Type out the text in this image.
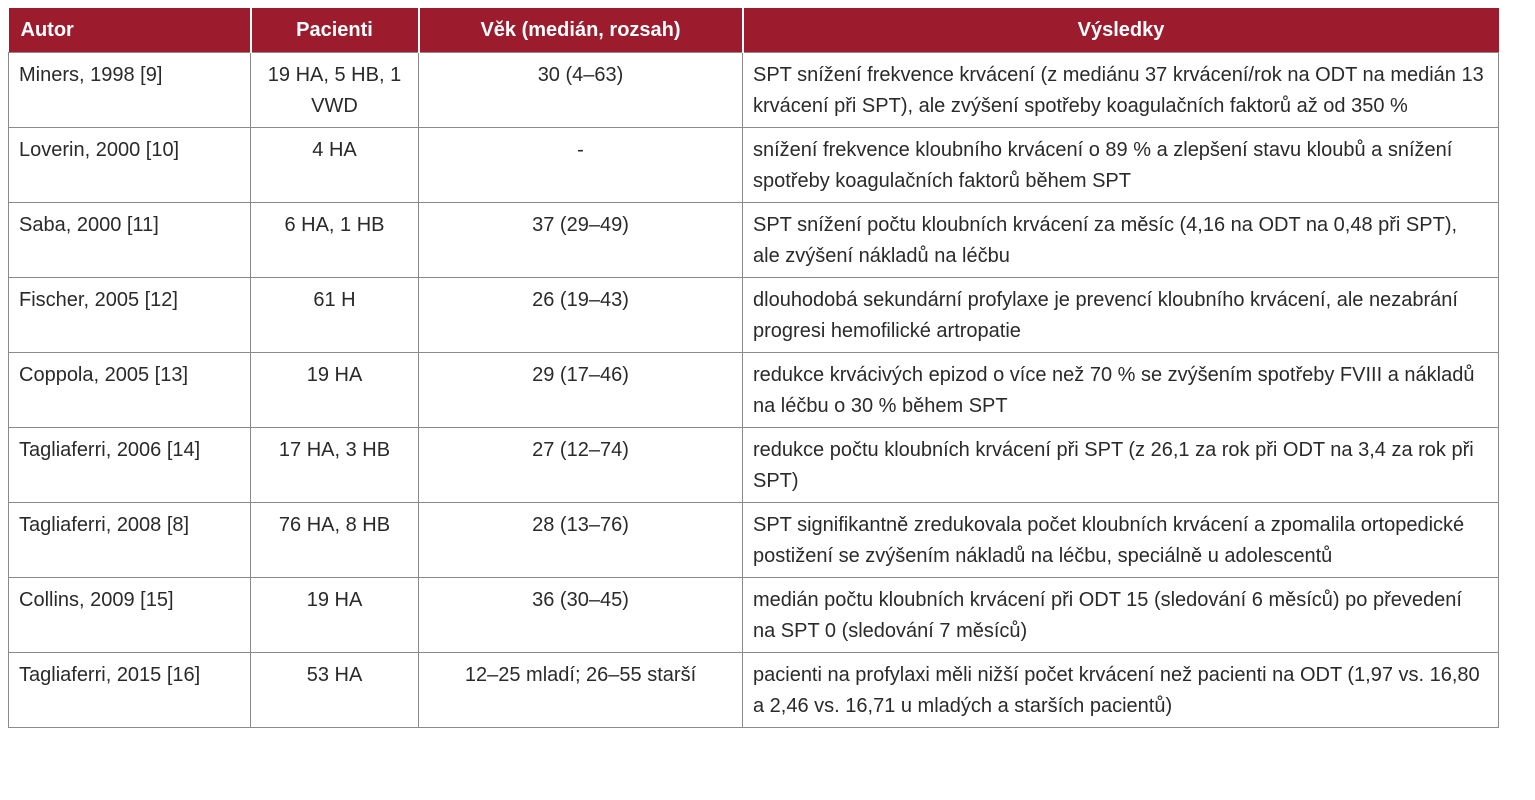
Autor	Pacienti	Věk (medián, rozsah)	Výsledky
Miners, 1998 [9]	19 HA, 5 HB, 1 VWD	30 (4–63)	SPT snížení frekvence krvácení (z mediánu 37 krvácení/rok na ODT na medián 13 krvácení při SPT), ale zvýšení spotřeby koagulačních faktorů až od 350 %
Loverin, 2000 [10]	4 HA	-	snížení frekvence kloubního krvácení o 89 % a zlepšení stavu kloubů a snížení spotřeby koagulačních faktorů během SPT
Saba, 2000 [11]	6 HA, 1 HB	37 (29–49)	SPT snížení počtu kloubních krvácení za měsíc (4,16 na ODT na 0,48 při SPT), ale zvýšení nákladů na léčbu
Fischer, 2005 [12]	61 H	26 (19–43)	dlouhodobá sekundární profylaxe je prevencí kloubního krvácení, ale nezabrání progresi hemofilické artropatie
Coppola, 2005 [13]	19 HA	29 (17–46)	redukce krvácivých epizod o více než 70 % se zvýšením spotřeby FVIII a nákladů na léčbu o 30 % během SPT
Tagliaferri, 2006 [14]	17 HA, 3 HB	27 (12–74)	redukce počtu kloubních krvácení při SPT (z 26,1 za rok při ODT na 3,4 za rok při SPT)
Tagliaferri, 2008 [8]	76 HA, 8 HB	28 (13–76)	SPT signifikantně zredukovala počet kloubních krvácení a zpomalila ortopedické postižení se zvýšením nákladů na léčbu, speciálně u adolescentů
Collins, 2009 [15]	19 HA	36 (30–45)	medián počtu kloubních krvácení při ODT 15 (sledování 6 měsíců) po převedení na SPT 0 (sledování 7 měsíců)
Tagliaferri, 2015 [16]	53 HA	12–25 mladí; 26–55 starší	pacienti na profylaxi měli nižší počet krvácení než pacienti na ODT (1,97 vs. 16,80 a 2,46 vs. 16,71 u mladých a starších pacientů)
